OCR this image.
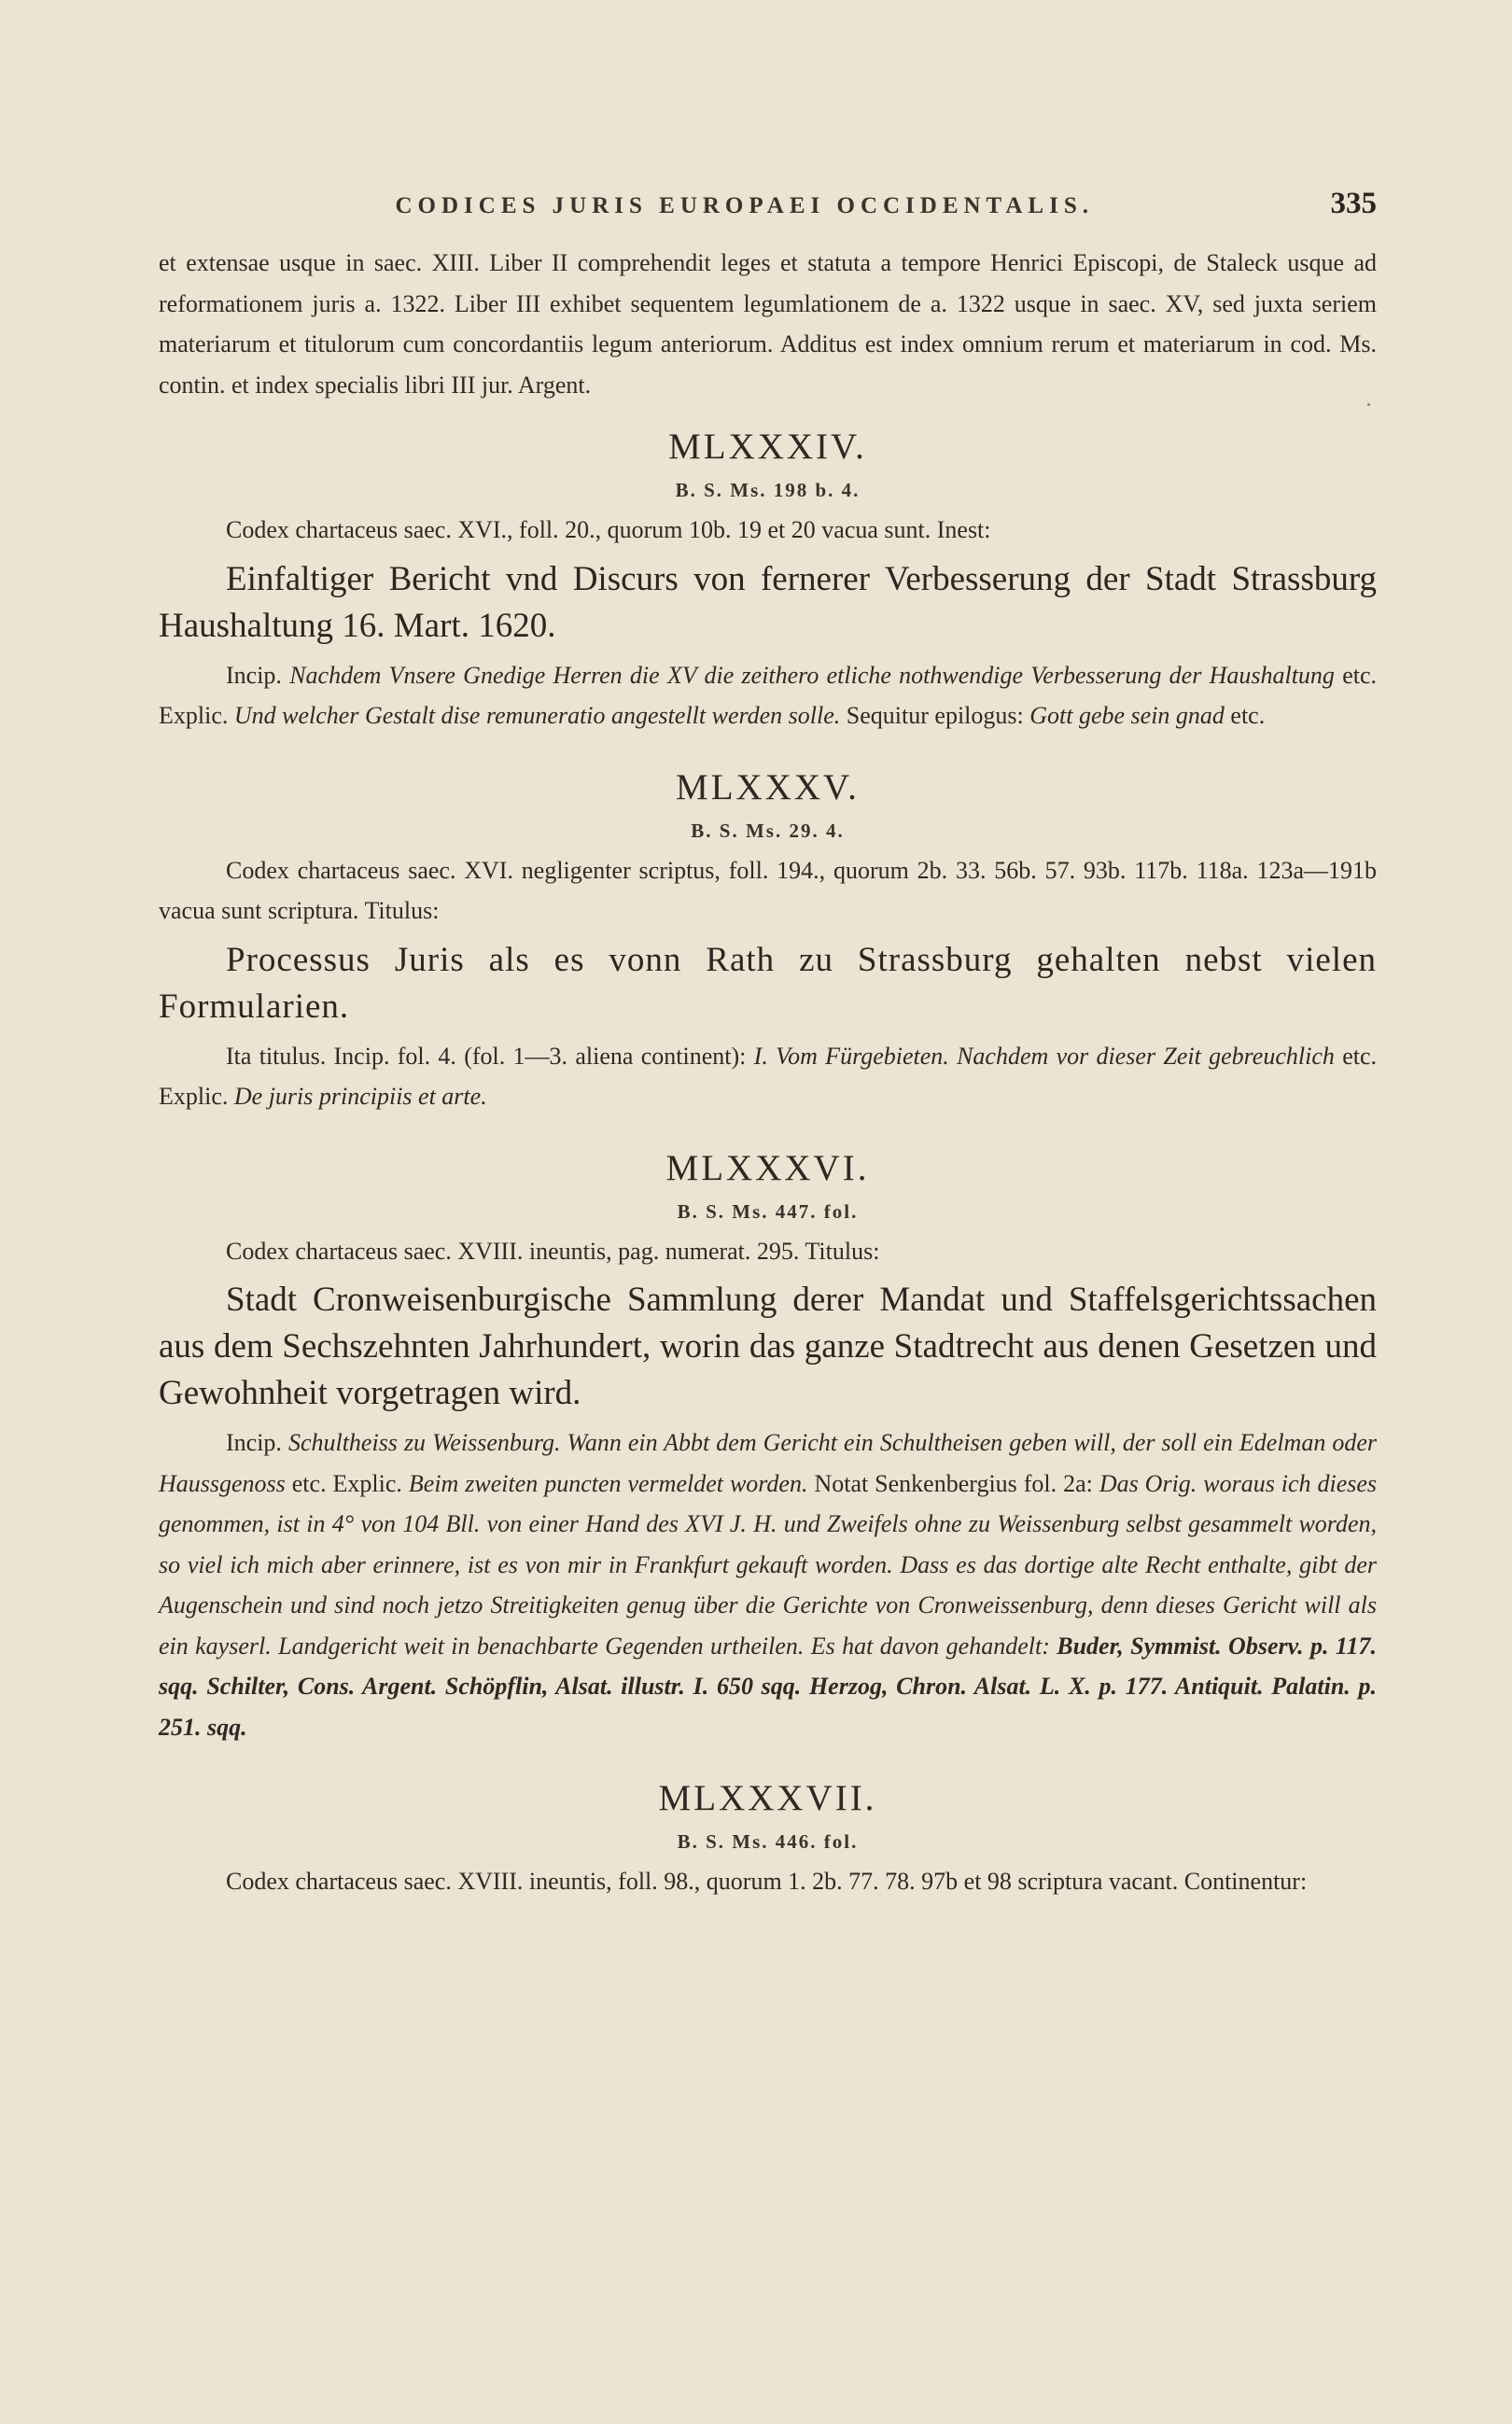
CODICES JURIS EUROPAEI OCCIDENTALIS.	335

et extensae usque in saec. XIII. Liber II comprehendit leges et statuta a tempore Henrici Episcopi, de Staleck usque ad reformationem juris a. 1322. Liber III exhibet sequentem legumlationem de a. 1322 usque in saec. XV, sed juxta seriem materiarum et titulorum cum concordantiis legum anteriorum. Additus est index omnium rerum et materiarum in cod. Ms. contin. et index specialis libri III jur. Argent.

MLXXXIV.
B. S. Ms. 198 b. 4.

Codex chartaceus saec. XVI., foll. 20., quorum 10b. 19 et 20 vacua sunt. Inest:

Einfaltiger Bericht vnd Discurs von fernerer Verbesserung der Stadt Strassburg Haushaltung 16. Mart. 1620.

Incip. Nachdem Vnsere Gnedige Herren die XV die zeithero etliche nothwendige Verbesserung der Haushaltung etc. Explic. Und welcher Gestalt dise remuneratio angestellt werden solle. Sequitur epilogus: Gott gebe sein gnad etc.

MLXXXV.
B. S. Ms. 29. 4.

Codex chartaceus saec. XVI. negligenter scriptus, foll. 194., quorum 2b. 33. 56b. 57. 93b. 117b. 118a. 123a—191b vacua sunt scriptura. Titulus:

Processus Juris als es vonn Rath zu Strassburg gehalten nebst vielen Formularien.

Ita titulus. Incip. fol. 4. (fol. 1—3. aliena continent): I. Vom Fürgebieten. Nachdem vor dieser Zeit gebreuchlich etc. Explic. De juris principiis et arte.

MLXXXVI.
B. S. Ms. 447. fol.

Codex chartaceus saec. XVIII. ineuntis, pag. numerat. 295. Titulus:

Stadt Cronweisenburgische Sammlung derer Mandat und Staffelsgerichtssachen aus dem Sechszehnten Jahrhundert, worin das ganze Stadtrecht aus denen Gesetzen und Gewohnheit vorgetragen wird.

Incip. Schultheiss zu Weissenburg. Wann ein Abbt dem Gericht ein Schultheisen geben will, der soll ein Edelman oder Haussgenoss etc. Explic. Beim zweiten puncten vermeldet worden. Notat Senkenbergius fol. 2a: Das Orig. woraus ich dieses genommen, ist in 4° von 104 Bll. von einer Hand des XVI J. H. und Zweifels ohne zu Weissenburg selbst gesammelt worden, so viel ich mich aber erinnere, ist es von mir in Frankfurt gekauft worden. Dass es das dortige alte Recht enthalte, gibt der Augenschein und sind noch jetzo Streitigkeiten genug über die Gerichte von Cronweissenburg, denn dieses Gericht will als ein kayserl. Landgericht weit in benachbarte Gegenden urtheilen. Es hat davon gehandelt: Buder, Symmist. Observ. p. 117. sqq. Schilter, Cons. Argent. Schöpflin, Alsat. illustr. I. 650 sqq. Herzog, Chron. Alsat. L. X. p. 177. Antiquit. Palatin. p. 251. sqq.

MLXXXVII.
B. S. Ms. 446. fol.

Codex chartaceus saec. XVIII. ineuntis, foll. 98., quorum 1. 2b. 77. 78. 97b et 98 scriptura vacant. Continentur:
